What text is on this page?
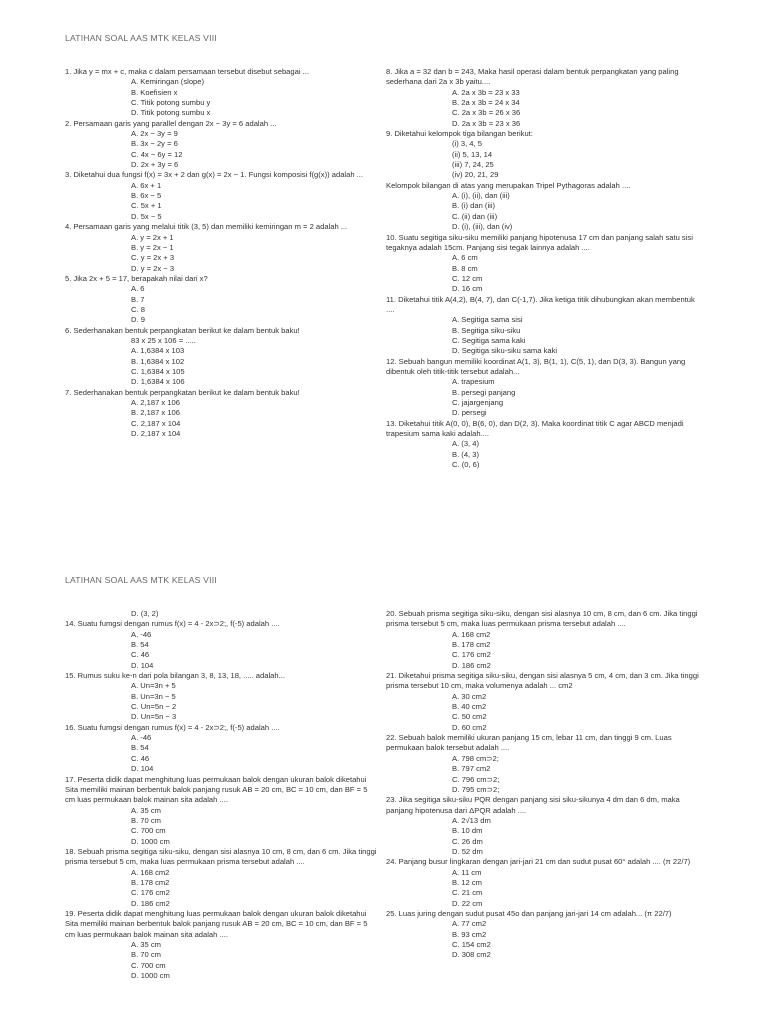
LATIHAN SOAL AAS MTK KELAS VIII

1. Jika y = mx + c, maka c dalam persamaan tersebut disebut sebagai ...

A. Kemiringan (slope)
B. Koefisien x
C. Titik potong sumbu y
D. Titik potong sumbu x

2. Persamaan garis yang parallel dengan 2x − 3y = 6 adalah ...

A. 2x − 3y = 9
B. 3x − 2y = 6
C. 4x − 6y = 12
D. 2x + 3y = 6

3. Diketahui dua fungsi f(x) = 3x + 2 dan g(x) = 2x − 1. Fungsi komposisi f(g(x)) adalah ...

A. 6x + 1
B. 6x − 5
C. 5x + 1
D. 5x − 5

4. Persamaan garis yang melalui titik (3, 5) dan memiliki kemiringan m = 2 adalah ...

A. y = 2x + 1
B. y = 2x − 1
C. y = 2x + 3
D. y = 2x − 3

5. Jika 2x + 5 = 17, berapakah nilai dari x?

A. 6
B. 7
C. 8
D. 9

6. Sederhanakan bentuk perpangkatan berikut ke dalam bentuk baku!

83 x 25 x 106 = .....
A. 1,6384 x 103
B. 1,6384 x 102
C. 1,6384 x 105
D. 1,6384 x 106

7. Sederhanakan bentuk perpangkatan berikut ke dalam bentuk baku!

A. 2,187 x 106
B. 2,187 x 106
C. 2,187 x 104
D. 2,187 x 104

8. Jika a = 32 dan b = 243, Maka hasil operasi dalam bentuk perpangkatan yang paling sederhana dari 2a x 3b yaitu....

A. 2a x 3b = 23 x 33
B. 2a x 3b = 24 x 34
C. 2a x 3b = 26 x 36
D. 2a x 3b = 23 x 36

9. Diketahui kelompok tiga bilangan berikut:

(i) 3, 4, 5
(ii) 5, 13, 14
(iii) 7, 24, 25
(iv) 20, 21, 29

Kelompok bilangan di atas yang merupakan Tripel Pythagoras adalah ....

A. (i), (ii), dan (iii)
B. (i) dan (iii)
C. (ii) dan (iii)
D. (i), (iii), dan (iv)

10. Suatu segitiga siku-siku memiliki panjang hipotenusa 17 cm dan panjang salah satu sisi tegaknya adalah 15cm. Panjang sisi tegak lainnya adalah ....

A. 6 cm
B. 8 cm
C. 12 cm
D. 16 cm

11. Diketahui titik A(4,2), B(4, 7), dan C(-1,7). Jika ketiga titik dihubungkan akan membentuk ....

A. Segitiga sama sisi
B. Segitiga siku-siku
C. Segitiga sama kaki
D. Segitiga siku-siku sama kaki

12. Sebuah bangun memiliki koordinat A(1, 3), B(1, 1), C(5, 1), dan D(3, 3). Bangun yang dibentuk oleh titik-titik tersebut adalah...

A. trapesium
B. persegi panjang
C. jajargenjang
D. persegi

13. Diketahui titik A(0, 0), B(6, 0), dan D(2, 3). Maka koordinat titik C agar ABCD menjadi trapesium sama kaki adalah....

A. (3, 4)
B. (4, 3)
C. (0, 6)
LATIHAN SOAL AAS MTK KELAS VIII
D. (3, 2)

14. Suatu fumgsi dengan rumus f(x) = 4 - 2x⊃2;, f(-5) adalah ....

A. -46
B. 54
C. 46
D. 104

15. Rumus suku ke-n dari pola bilangan 3, 8, 13, 18, ..... adalah...

A. Un=3n + 5
B. Un=3n − 5
C. Un=5n − 2
D. Un=5n − 3

16. Suatu fumgsi dengan rumus f(x) = 4 - 2x⊃2;, f(-5) adalah ....

A. -46
B. 54
C. 46
D. 104

17. Peserta didik dapat menghitung luas permukaan balok dengan ukuran balok diketahui Sita memiliki mainan berbentuk balok panjang rusuk AB = 20 cm, BC = 10 cm, dan BF = 5 cm luas permukaan balok mainan sita adalah ....

A. 35 cm
B. 70 cm
C. 700 cm
D. 1000 cm

18. Sebuah prisma segitiga siku-siku, dengan sisi alasnya 10 cm, 8 cm, dan 6 cm. Jika tinggi prisma tersebut 5 cm, maka luas permukaan prisma tersebut adalah ....

A. 168 cm2
B. 178 cm2
C. 176 cm2
D. 186 cm2

19. Peserta didik dapat menghitung luas permukaan balok dengan ukuran balok diketahui Sita memiliki mainan berbentuk balok panjang rusuk AB = 20 cm, BC = 10 cm, dan BF = 5 cm luas permukaan balok mainan sita adalah ....

A. 35 cm
B. 70 cm
C. 700 cm
D. 1000 cm

20. Sebuah prisma segitiga siku-siku, dengan sisi alasnya 10 cm, 8 cm, dan 6 cm. Jika tinggi prisma tersebut 5 cm, maka luas permukaan prisma tersebut adalah ....

A. 168 cm2
B. 178 cm2
C. 176 cm2
D. 186 cm2

21. Diketahui prisma segitiga siku-siku, dengan sisi alasnya 5 cm, 4 cm, dan 3 cm. Jika tinggi prisma tersebut 10 cm, maka volumenya adalah ... cm2

A. 30 cm2
B. 40 cm2
C. 50 cm2
D. 60 cm2

22. Sebuah balok memiliki ukuran panjang 15 cm, lebar 11 cm, dan tinggi 9 cm. Luas permukaan balok tersebut adalah ....

A. 798 cm⊃2;
B. 797 cm2
C. 796 cm⊃2;
D. 795 cm⊃2;

23. Jika segitiga siku-siku PQR dengan panjang sisi siku-sikunya 4 dm dan 6 dm, maka panjang hipotenusa dari ΔPQR adalah ....

A. 2√13 dm
B. 10 dm
C. 26 dm
D. 52 dm

24. Panjang busur lingkaran dengan jari-jari 21 cm dan sudut pusat 60° adalah .... (π 22/7)

A. 11 cm
B. 12 cm
C. 21 cm
D. 22 cm

25. Luas juring dengan sudut pusat 45o dan panjang jari-jari 14 cm adalah... (π 22/7)

A. 77 cm2
B. 93 cm2
C. 154 cm2
D. 308 cm2
